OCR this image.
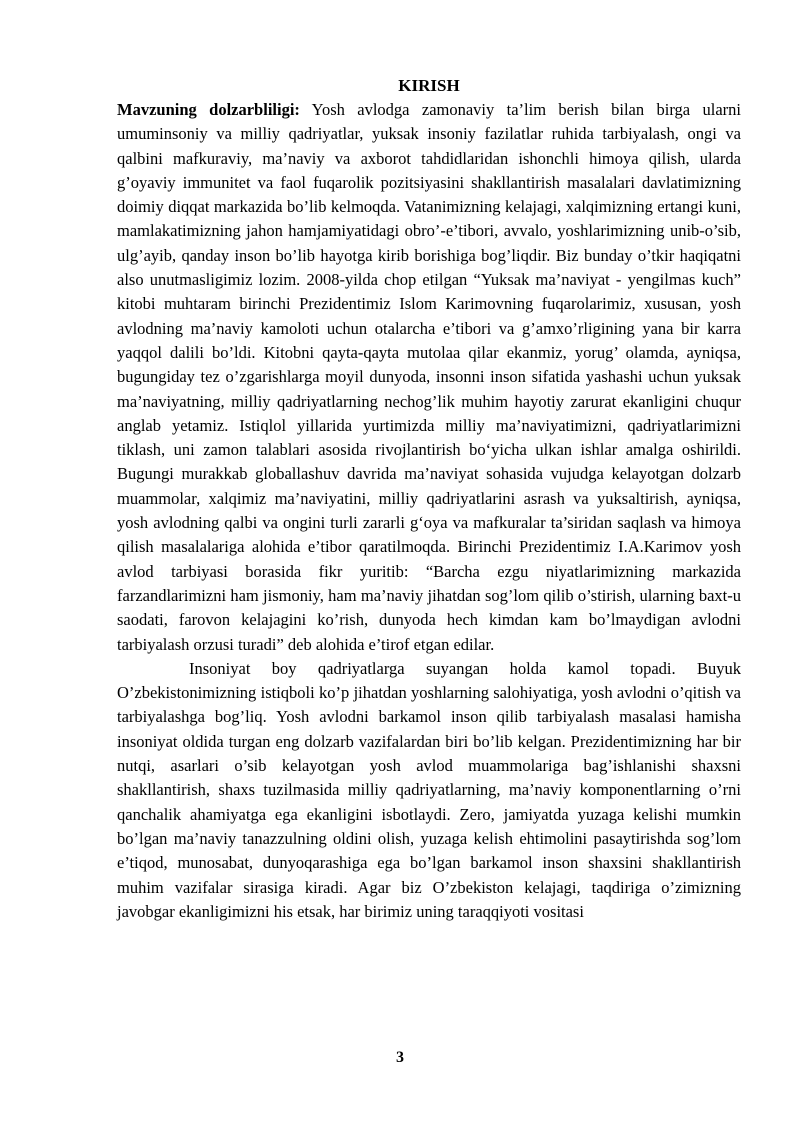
KIRISH

Mavzuning dolzarbliligi: Yosh avlodga zamonaviy ta’lim berish bilan birga ularni umuminsoniy va milliy qadriyatlar, yuksak insoniy fazilatlar ruhida tarbiyalash, ongi va qalbini mafkuraviy, ma’naviy va axborot tahdidlaridan ishonchli himoya qilish, ularda g’oyaviy immunitet va faol fuqarolik pozitsiyasini shakllantirish masalalari davlatimizning doimiy diqqat markazida bo’lib kelmoqda. Vatanimizning kelajagi, xalqimizning ertangi kuni, mamlakatimizning jahon hamjamiyatidagi obro’-e’tibori, avvalo, yoshlarimizning unib-o’sib, ulg’ayib, qanday inson bo’lib hayotga kirib borishiga bog’liqdir. Biz bunday o’tkir haqiqatni also unutmasligimiz lozim. 2008-yilda chop etilgan “Yuksak ma’naviyat - yengilmas kuch” kitobi muhtaram birinchi Prezidentimiz Islom Karimovning fuqarolarimiz, xususan, yosh avlodning ma’naviy kamoloti uchun otalarcha e’tibori va g’amxo’rligining yana bir karra yaqqol dalili bo’ldi. Kitobni qayta-qayta mutolaa qilar ekanmiz, yorug’ olamda, ayniqsa, bugungiday tez o’zgarishlarga moyil dunyoda, insonni inson sifatida yashashi uchun yuksak ma’naviyatning, milliy qadriyatlarning nechog’lik muhim hayotiy zarurat ekanligini chuqur anglab yetamiz. Istiqlol yillarida yurtimizda milliy ma’naviyatimizni, qadriyatlarimizni tiklash, uni zamon talablari asosida rivojlantirish bo‘yicha ulkan ishlar amalga oshirildi. Bugungi murakkab globallashuv davrida ma’naviyat sohasida vujudga kelayotgan dolzarb muammolar, xalqimiz ma’naviyatini, milliy qadriyatlarini asrash va yuksaltirish, ayniqsa, yosh avlodning qalbi va ongini turli zararli g‘oya va mafkuralar ta’siridan saqlash va himoya qilish masalalariga alohida e’tibor qaratilmoqda. Birinchi Prezidentimiz I.A.Karimov yosh avlod tarbiyasi borasida fikr yuritib: “Barcha ezgu niyatlarimizning markazida farzandlarimizni ham jismoniy, ham ma’naviy jihatdan sog’lom qilib o’stirish, ularning baxt-u saodati, farovon kelajagini ko’rish, dunyoda hech kimdan kam bo’lmaydigan avlodni tarbiyalash orzusi turadi” deb alohida e’tirof etgan edilar.

Insoniyat boy qadriyatlarga suyangan holda kamol topadi. Buyuk O’zbekistonimizning istiqboli ko’p jihatdan yoshlarning salohiyatiga, yosh avlodni o’qitish va tarbiyalashga bog’liq. Yosh avlodni barkamol inson qilib tarbiyalash masalasi hamisha insoniyat oldida turgan eng dolzarb vazifalardan biri bo’lib kelgan. Prezidentimizning har bir nutqi, asarlari o’sib kelayotgan yosh avlod muammolariga bag’ishlanishi shaxsni shakllantirish, shaxs tuzilmasida milliy qadriyatlarning, ma’naviy komponentlarning o’rni qanchalik ahamiyatga ega ekanligini isbotlaydi. Zero, jamiyatda yuzaga kelishi mumkin bo’lgan ma’naviy tanazzulning oldini olish, yuzaga kelish ehtimolini pasaytirishda sog’lom e’tiqod, munosabat, dunyoqarashiga ega bo’lgan barkamol inson shaxsini shakllantirish muhim vazifalar sirasiga kiradi. Agar biz O’zbekiston kelajagi, taqdiriga o’zimizning javobgar ekanligimizni his etsak, har birimiz uning taraqqiyoti vositasi

3
